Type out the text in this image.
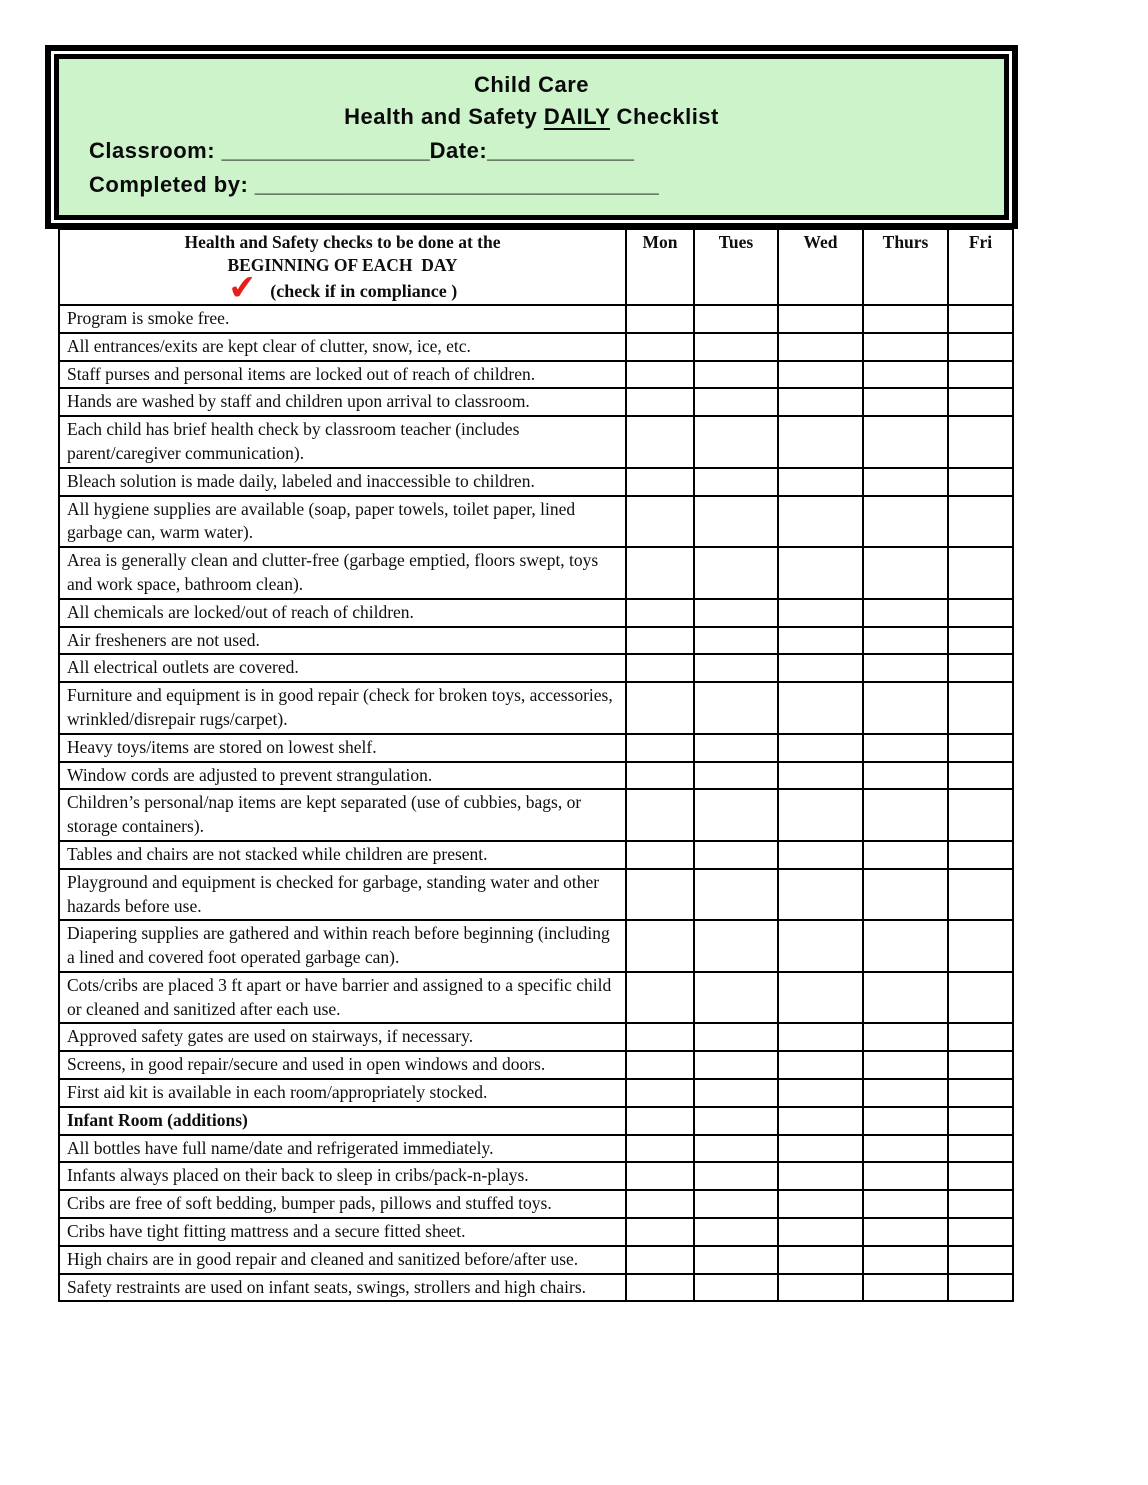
Child Care
Health and Safety DAILY Checklist
Classroom: _________________Date:____________
Completed by: _________________________________
Health and Safety checks to be done at the
BEGINNING OF EACH  DAY
✔ (check if in compliance )	Mon	Tues	Wed	Thurs	Fri
Program is smoke free.					
All entrances/exits are kept clear of clutter, snow, ice, etc.					
Staff purses and personal items are locked out of reach of children.					
Hands are washed by staff and children upon arrival to classroom.					
Each child has brief health check by classroom teacher (includes parent/caregiver communication).					
Bleach solution is made daily, labeled and inaccessible to children.					
All hygiene supplies are available (soap, paper towels, toilet paper, lined garbage can, warm water).					
Area is generally clean and clutter-free (garbage emptied, floors swept, toys and work space, bathroom clean).					
All chemicals are locked/out of reach of children.					
Air fresheners are not used.					
All electrical outlets are covered.					
Furniture and equipment is in good repair (check for broken toys, accessories, wrinkled/disrepair rugs/carpet).					
Heavy toys/items are stored on lowest shelf.					
Window cords are adjusted to prevent strangulation.					
Children’s personal/nap items are kept separated (use of cubbies, bags, or storage containers).					
Tables and chairs are not stacked while children are present.					
Playground and equipment is checked for garbage, standing water and other hazards before use.					
Diapering supplies are gathered and within reach before beginning (including a lined and covered foot operated garbage can).					
Cots/cribs are placed 3 ft apart or have barrier and assigned to a specific child or cleaned and sanitized after each use.					
Approved safety gates are used on stairways, if necessary.					
Screens, in good repair/secure and used in open windows and doors.					
First aid kit is available in each room/appropriately stocked.					
Infant Room (additions)					
All bottles have full name/date and refrigerated immediately.					
Infants always placed on their back to sleep in cribs/pack-n-plays.					
Cribs are free of soft bedding, bumper pads, pillows and stuffed toys.					
Cribs have tight fitting mattress and a secure fitted sheet.					
High chairs are in good repair and cleaned and sanitized before/after use.					
Safety restraints are used on infant seats, swings, strollers and high chairs.					
